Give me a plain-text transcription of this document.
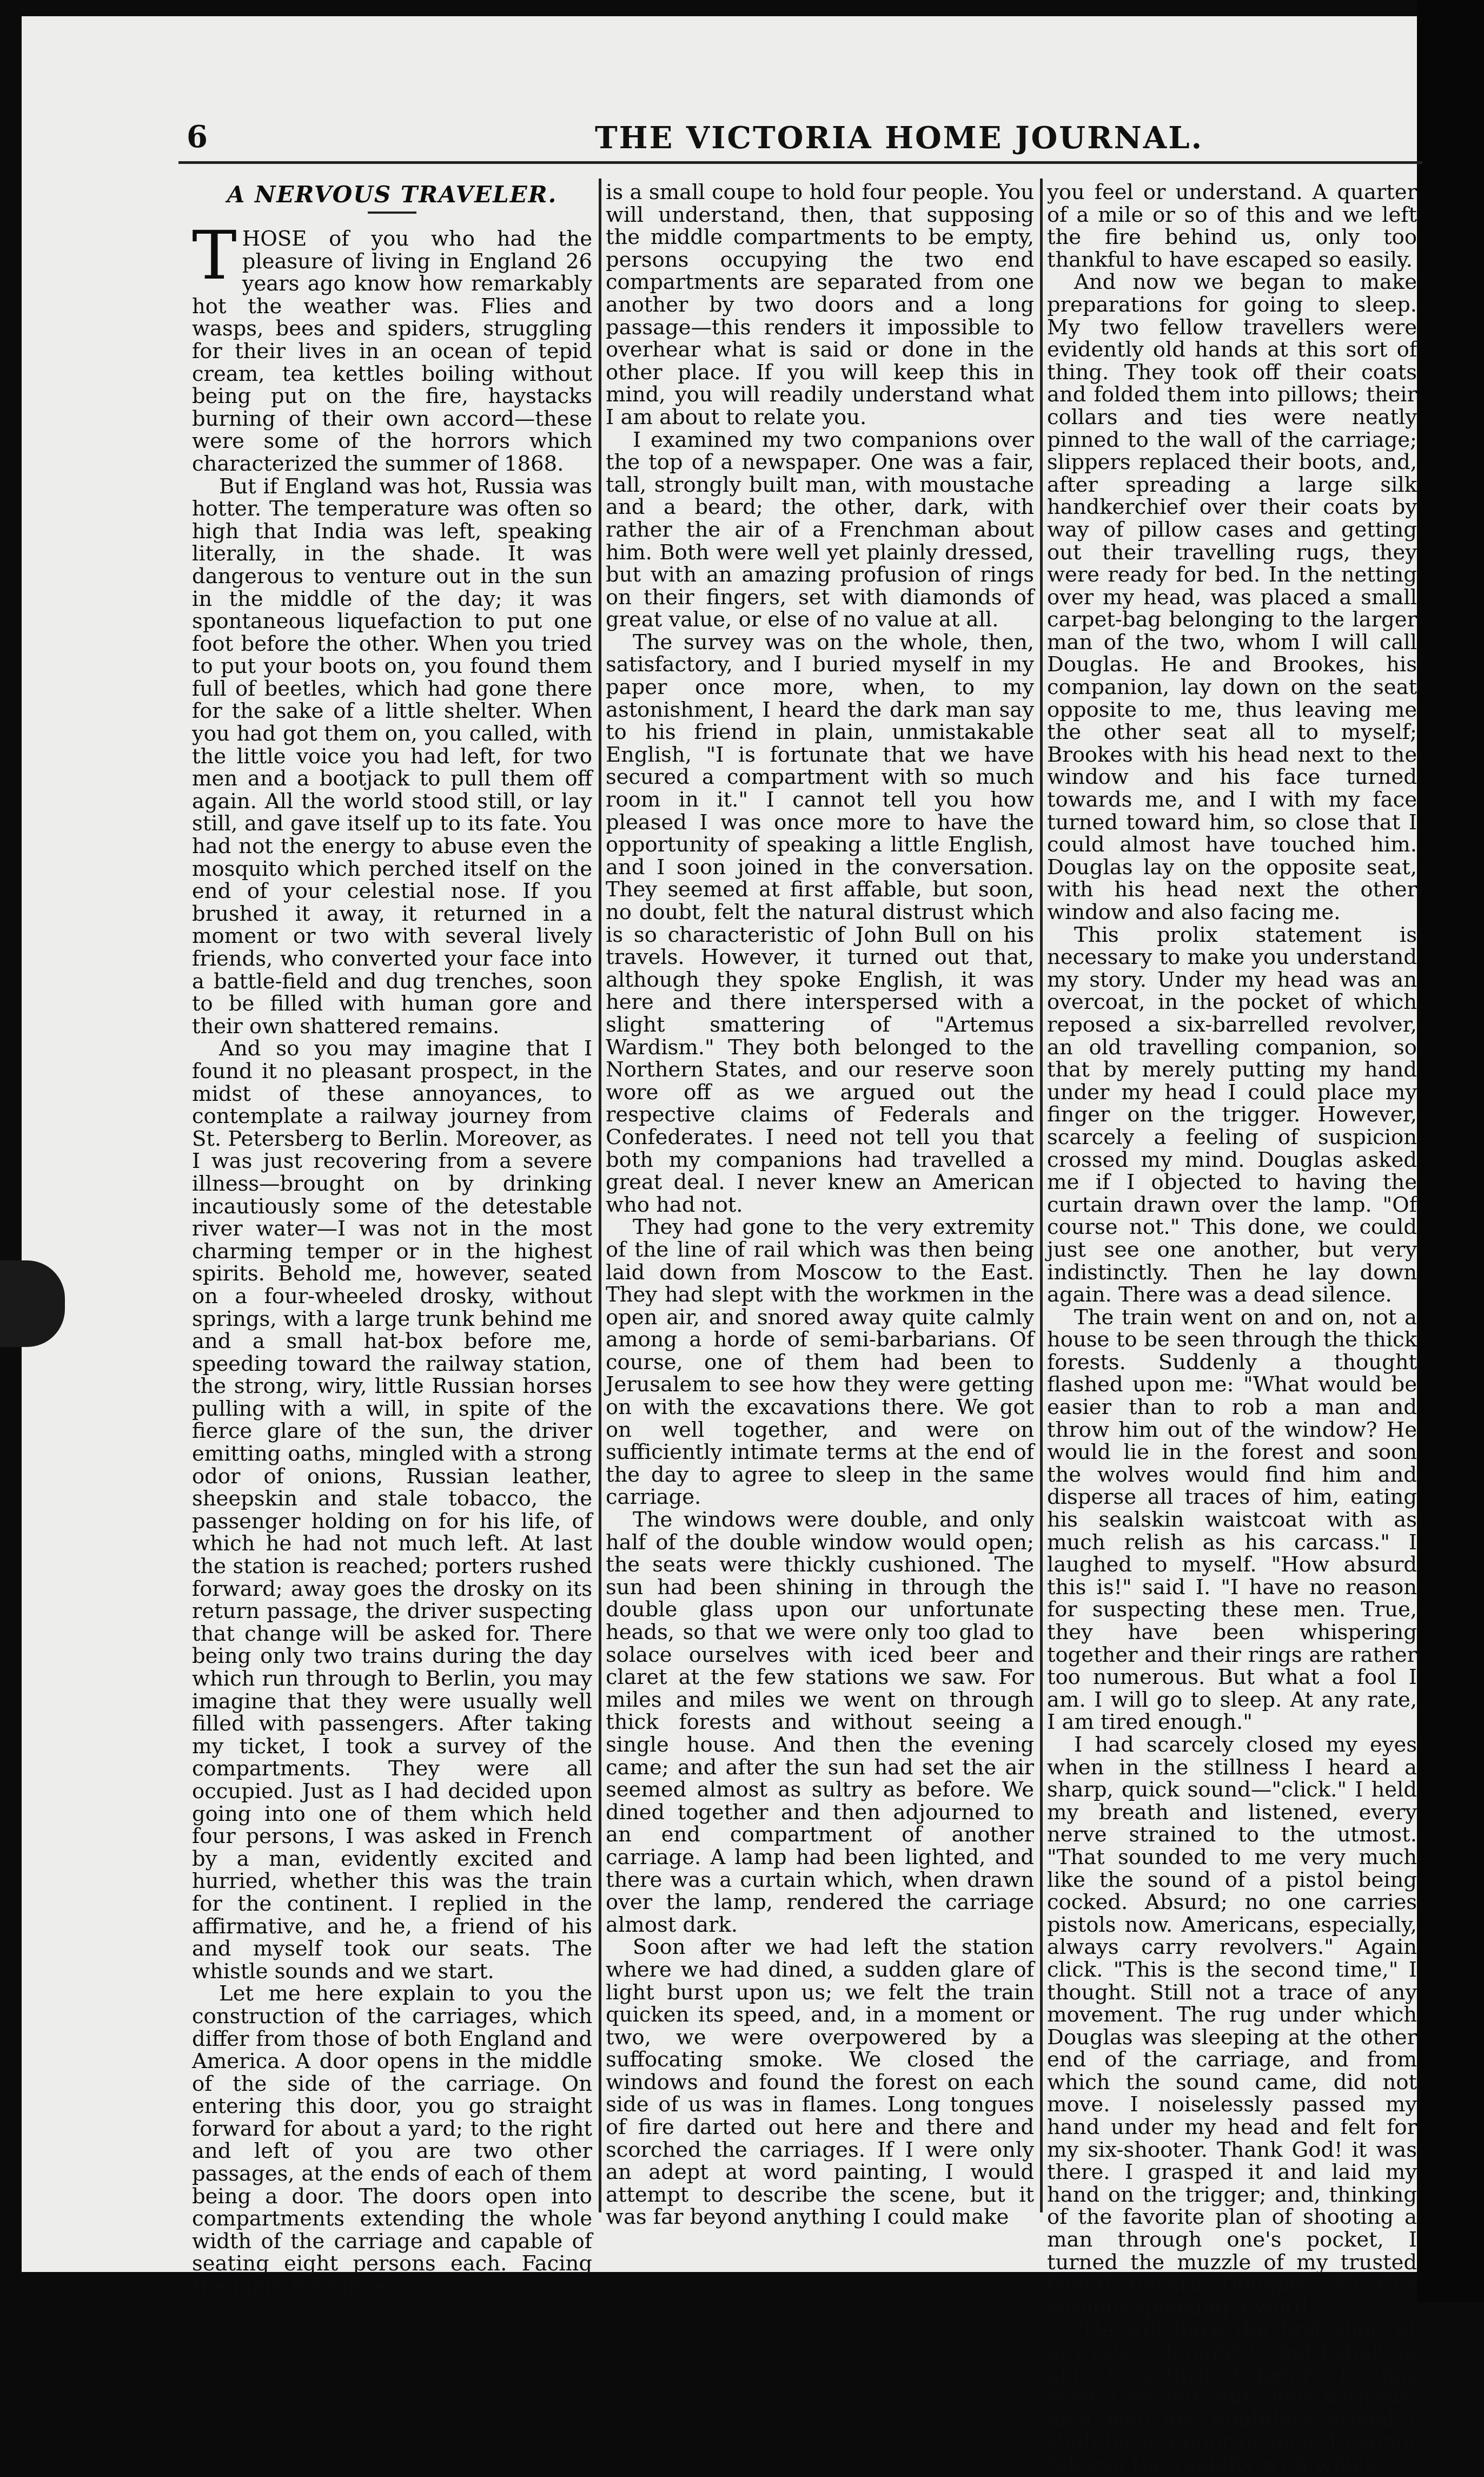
6	THE VICTORIA HOME JOURNAL.
A NERVOUS TRAVELER.

THOSE of you who had the pleasure of living in England 26 years ago know how remarkably hot the weather was. Flies and wasps, bees and spiders, struggling for their lives in an ocean of tepid cream, tea kettles boiling without being put on the fire, haystacks burning of their own accord—these were some of the horrors which characterized the summer of 1868.

But if England was hot, Russia was hotter. The temperature was often so high that India was left, speaking literally, in the shade. It was dangerous to venture out in the sun in the middle of the day; it was spontaneous liquefaction to put one foot before the other. When you tried to put your boots on, you found them full of beetles, which had gone there for the sake of a little shelter. When you had got them on, you called, with the little voice you had left, for two men and a bootjack to pull them off again. All the world stood still, or lay still, and gave itself up to its fate. You had not the energy to abuse even the mosquito which perched itself on the end of your celestial nose. If you brushed it away, it returned in a moment or two with several lively friends, who converted your face into a battle-field and dug trenches, soon to be filled with human gore and their own shattered remains.

And so you may imagine that I found it no pleasant prospect, in the midst of these annoyances, to contemplate a railway journey from St. Petersberg to Berlin. Moreover, as I was just recovering from a severe illness—brought on by drinking incautiously some of the detestable river water—I was not in the most charming temper or in the highest spirits. Behold me, however, seated on a four-wheeled drosky, without springs, with a large trunk behind me and a small hat-box before me, speeding toward the railway station, the strong, wiry, little Russian horses pulling with a will, in spite of the fierce glare of the sun, the driver emitting oaths, mingled with a strong odor of onions, Russian leather, sheepskin and stale tobacco, the passenger holding on for his life, of which he had not much left. At last the station is reached; porters rushed forward; away goes the drosky on its return passage, the driver suspecting that change will be asked for. There being only two trains during the day which run through to Berlin, you may imagine that they were usually well filled with passengers. After taking my ticket, I took a survey of the compartments. They were all occupied. Just as I had decided upon going into one of them which held four persons, I was asked in French by a man, evidently excited and hurried, whether this was the train for the continent. I replied in the affirmative, and he, a friend of his and myself took our seats. The whistle sounds and we start.

Let me here explain to you the construction of the carriages, which differ from those of both England and America. A door opens in the middle of the side of the carriage. On entering this door, you go straight forward for about a yard; to the right and left of you are two other passages, at the ends of each of them being a door. The doors open into compartments extending the whole width of the carriage and capable of seating eight persons each. Facing the main entrance

is a small coupe to hold four people. You will understand, then, that supposing the middle compartments to be empty, persons occupying the two end compartments are separated from one another by two doors and a long passage—this renders it impossible to overhear what is said or done in the other place. If you will keep this in mind, you will readily understand what I am about to relate you.

I examined my two companions over the top of a newspaper. One was a fair, tall, strongly built man, with moustache and a beard; the other, dark, with rather the air of a Frenchman about him. Both were well yet plainly dressed, but with an amazing profusion of rings on their fingers, set with diamonds of great value, or else of no value at all.

The survey was on the whole, then, satisfactory, and I buried myself in my paper once more, when, to my astonishment, I heard the dark man say to his friend in plain, unmistakable English, "I is fortunate that we have secured a compartment with so much room in it." I cannot tell you how pleased I was once more to have the opportunity of speaking a little English, and I soon joined in the conversation. They seemed at first affable, but soon, no doubt, felt the natural distrust which is so characteristic of John Bull on his travels. However, it turned out that, although they spoke English, it was here and there interspersed with a slight smattering of "Artemus Wardism." They both belonged to the Northern States, and our reserve soon wore off as we argued out the respective claims of Federals and Confederates. I need not tell you that both my companions had travelled a great deal. I never knew an American who had not.

They had gone to the very extremity of the line of rail which was then being laid down from Moscow to the East. They had slept with the workmen in the open air, and snored away quite calmly among a horde of semi-barbarians. Of course, one of them had been to Jerusalem to see how they were getting on with the excavations there. We got on well together, and were on sufficiently intimate terms at the end of the day to agree to sleep in the same carriage.

The windows were double, and only half of the double window would open; the seats were thickly cushioned. The sun had been shining in through the double glass upon our unfortunate heads, so that we were only too glad to solace ourselves with iced beer and claret at the few stations we saw. For miles and miles we went on through thick forests and without seeing a single house. And then the evening came; and after the sun had set the air seemed almost as sultry as before. We dined together and then adjourned to an end compartment of another carriage. A lamp had been lighted, and there was a curtain which, when drawn over the lamp, rendered the carriage almost dark.

Soon after we had left the station where we had dined, a sudden glare of light burst upon us; we felt the train quicken its speed, and, in a moment or two, we were overpowered by a suffocating smoke. We closed the windows and found the forest on each side of us was in flames. Long tongues of fire darted out here and there and scorched the carriages. If I were only an adept at word painting, I would attempt to describe the scene, but it was far beyond anything I could make

you feel or understand. A quarter of a mile or so of this and we left the fire behind us, only too thankful to have escaped so easily.

And now we began to make preparations for going to sleep. My two fellow travellers were evidently old hands at this sort of thing. They took off their coats and folded them into pillows; their collars and ties were neatly pinned to the wall of the carriage; slippers replaced their boots, and, after spreading a large silk handkerchief over their coats by way of pillow cases and getting out their travelling rugs, they were ready for bed. In the netting over my head, was placed a small carpet-bag belonging to the larger man of the two, whom I will call Douglas. He and Brookes, his companion, lay down on the seat opposite to me, thus leaving me the other seat all to myself; Brookes with his head next to the window and his face turned towards me, and I with my face turned toward him, so close that I could almost have touched him. Douglas lay on the opposite seat, with his head next the other window and also facing me.

This prolix statement is necessary to make you understand my story. Under my head was an overcoat, in the pocket of which reposed a six-barrelled revolver, an old travelling companion, so that by merely putting my hand under my head I could place my finger on the trigger. However, scarcely a feeling of suspicion crossed my mind. Douglas asked me if I objected to having the curtain drawn over the lamp. "Of course not." This done, we could just see one another, but very indistinctly. Then he lay down again. There was a dead silence.

The train went on and on, not a house to be seen through the thick forests. Suddenly a thought flashed upon me: "What would be easier than to rob a man and throw him out of the window? He would lie in the forest and soon the wolves would find him and disperse all traces of him, eating his sealskin waistcoat with as much relish as his carcass." I laughed to myself. "How absurd this is!" said I. "I have no reason for suspecting these men. True, they have been whispering together and their rings are rather too numerous. But what a fool I am. I will go to sleep. At any rate, I am tired enough."

I had scarcely closed my eyes when in the stillness I heard a sharp, quick sound—"click." I held my breath and listened, every nerve strained to the utmost. "That sounded to me very much like the sound of a pistol being cocked. Absurd; no one carries pistols now. Americans, especially, always carry revolvers." Again click. "This is the second time," I thought. Still not a trace of any movement. The rug under which Douglas was sleeping at the other end of the carriage, and from which the sound came, did not move. I noiselessly passed my hand under my head and felt for my six-shooter. Thank God! it was there. I grasped it and laid my hand on the trigger; and, thinking of the favorite plan of shooting a man through one's pocket, I turned the muzzle of my trusted friend toward Douglas. All this without speaking a word.

"He will have the first shot, at any rate," thought I; "but I shall be able to return it before he has fired a second. But alone with two men who are doubtless armed I shall have a poor chance. I cannot tell you the rapidity with which
